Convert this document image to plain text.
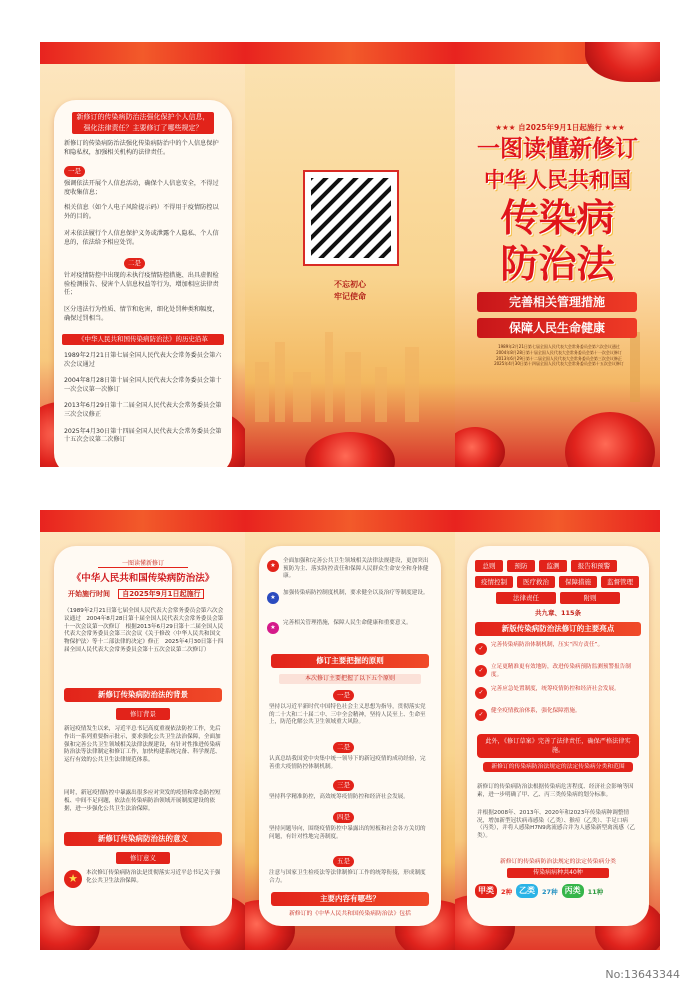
新修订的传染病防治法强化保护个人信息，
强化法律责任？主要修订了哪些规定？
新修订的传染病防治法强化传染病防治中的个人信息保护和隐私权，加强相关机构的法律责任。
一是
强调依法开展个人信息活动，确保个人信息安全，不得过度收集信息；
相关信息（如个人电子风险提示码）不得用于疫情防控以外的目的。
对未依法履行个人信息保护义务或泄露个人隐私、个人信息的，依法给予相应处罚。
二是
针对疫情防控中出现的未执行疫情防控措施、出具虚假检验检测报告、侵害个人信息权益等行为，增加相应法律责任；
区分违法行为性质、情节和危害，细化处罚种类和幅度，确保过罚相当。
《中华人民共和国传染病防治法》的历史沿革
1989年2月21日第七届全国人民代表大会常务委员会第六次会议通过
2004年8月28日第十届全国人民代表大会常务委员会第十一次会议第一次修订
2013年6月29日第十二届全国人民代表大会常务委员会第三次会议修正
2025年4月30日第十四届全国人民代表大会常务委员会第十五次会议第二次修订
不忘初心
牢记使命
★★★ 自2025年9月1日起施行 ★★★
一图读懂新修订
中华人民共和国
传染病
防治法
完善相关管理措施
保障人民生命健康
1989年2月21日第七届全国人民代表大会常务委员会第六次会议通过
2004年8月28日第十届全国人民代表大会常务委员会第十一次会议修订
2013年6月29日第十二届全国人民代表大会常务委员会第三次会议修正
2025年4月30日第十四届全国人民代表大会常务委员会第十五次会议修订
一图读懂新修订
《中华人民共和国传染病防治法》
开始施行时间 自2025年9月1日起施行
（1989年2月21日第七届全国人民代表大会常务委员会第六次会议通过　2004年8月28日第十届全国人民代表大会常务委员会第十一次会议第一次修订　根据2013年6月29日第十二届全国人民代表大会常务委员会第三次会议《关于修改〈中华人民共和国文物保护法〉等十二部法律的决定》修正　2025年4月30日第十四届全国人民代表大会常务委员会第十五次会议第二次修订）
新修订传染病防治法的背景
修订背景
新冠疫情发生以来，习近平总书记高度重视依法防控工作，先后作出一系列重要指示批示，要求强化公共卫生法治保障，全面加强和完善公共卫生领域相关法律法规建设，有针对性推进传染病防治法等法律制定和修订工作，加快构建系统完备、科学规范、运行有效的公共卫生法律规范体系。
同时，新冠疫情防控中暴露出很多应对突发的疫情和常态防控短板、中间不足问题，依法在传染病防治领域开展制度建设的依据，进一步强化公共卫生法治保障。
新修订传染病防治法的意义
修订意义
★	本次修订传染病防治法是贯彻落实习近平总书记关于强化公共卫生法治保障。
★
全面加强和完善公共卫生领域相关法律法规建设，更加突出预防为主、落实防控责任和保障人民群众生命安全和身体健康。
★
加强传染病防控制度机制，要求健全以及治疗等制度建设。
★
完善相关管理措施，保障人民生命健康和重要意义。
修订主要把握的原则
本次修订主要把握了以下五个原则
一是
坚持以习近平新时代中国特色社会主义思想为指导，贯彻落实党的二十大和二十届二中、三中全会精神，坚持人民至上、生命至上，防范化解公共卫生领域重大风险。
二是
认真总结我国党中央集中统一领导下的新冠疫情的成功经验，完善重大疫情防控体制机制。
三是
坚持科学精准防控，高效统筹疫情防控和经济社会发展。
四是
坚持问题导向，围绕疫情防控中暴露出的短板和社会各方关切的问题，有针对性地完善制度。
五是
注意与国家卫生检疫法等法律制修订工作的统筹衔接，形成制度合力。
主要内容有哪些？
新修订的《中华人民共和国传染病防治法》包括
总则	预防	监测	报告和预警
疫情控制	医疗救治	保障措施	监督管理
法律责任	附则
共九章、115条
新版传染病防治法修订的主要亮点
✓	完善传染病防治体制机制，压实“四方责任”。
✓	立足更精准更有效地防，改进传染病预防监测预警报告制度。
✓	完善应急处置制度，统筹疫情防控和经济社会发展。
✓	健全疫情救治体系，强化保障措施。
此外，《修订草案》完善了法律责任，确保严格法律实施。
新修订的传染病防治法规定的法定传染病分类和范围
新修订的传染病防治法根据传染病危害程度、经济社会影响等因素，进一步明确了甲、乙、丙三类传染病的划分标准。
并根据2008年、2013年、2020年和2023年传染病种调整情况，增加新型冠状病毒感染（乙类）、猴痘（乙类）、手足口病（丙类），并将人感染H7N9禽流感合并为人感染新型禽流感（乙类）。
新修订的传染病防治法规定的法定传染病分类
传染病病种共40种
甲类	2种 乙类	27种 丙类	11种
No:13643344
